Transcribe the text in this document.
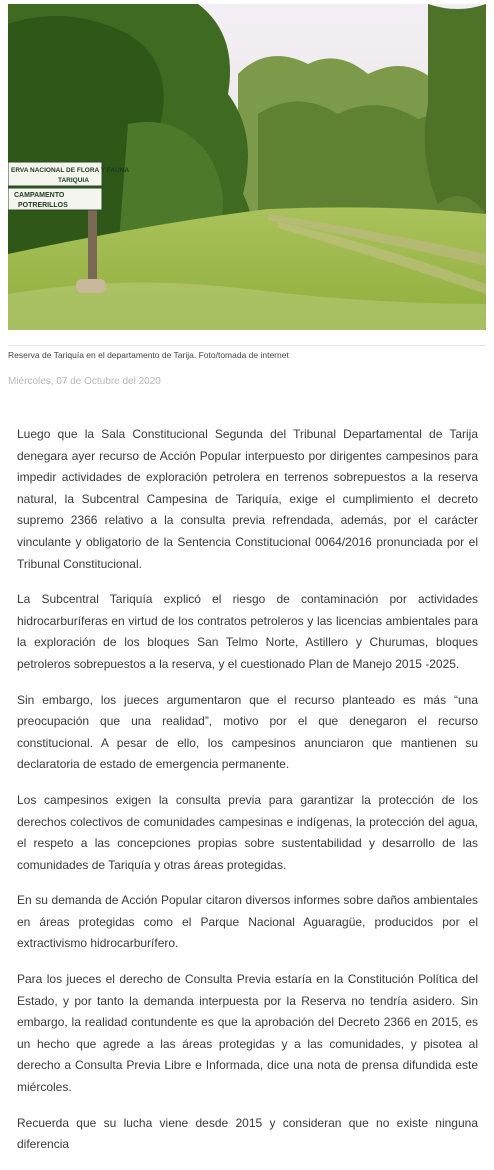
ERVA NACIONAL DE FLORA Y FAUNA
TARIQUIA
CAMPAMENTO
POTRERILLOS
Reserva de Tariquía en el departamento de Tarija. Foto/tomada de internet
Miércoles, 07 de Octubre del 2020

Luego que la Sala Constitucional Segunda del Tribunal Departamental de Tarija denegara ayer recurso de Acción Popular interpuesto por dirigentes campesinos para impedir actividades de exploración petrolera en terrenos sobrepuestos a la reserva natural, la Subcentral Campesina de Tariquía, exige el cumplimiento el decreto supremo 2366 relativo a la consulta previa refrendada, además, por el carácter vinculante y obligatorio de la Sentencia Constitucional 0064/2016 pronunciada por el Tribunal Constitucional.

La Subcentral Tariquía explicó el riesgo de contaminación por actividades hidrocarburíferas en virtud de los contratos petroleros y las licencias ambientales para la exploración de los bloques San Telmo Norte, Astillero y Churumas, bloques petroleros sobrepuestos a la reserva, y el cuestionado Plan de Manejo 2015 -2025.

Sin embargo, los jueces argumentaron que el recurso planteado es más “una preocupación que una realidad”, motivo por el que denegaron el recurso constitucional. A pesar de ello, los campesinos anunciaron que mantienen su declaratoria de estado de emergencia permanente.

Los campesinos exigen la consulta previa para garantizar la protección de los derechos colectivos de comunidades campesinas e indígenas, la protección del agua, el respeto a las concepciones propias sobre sustentabilidad y desarrollo de las comunidades de Tariquía y otras áreas protegidas.

En su demanda de Acción Popular citaron diversos informes sobre daños ambientales en áreas protegidas como el Parque Nacional Aguaragüe, producidos por el extractivismo hidrocarburífero.

Para los jueces el derecho de Consulta Previa estaría en la Constitución Política del Estado, y por tanto la demanda interpuesta por la Reserva no tendría asidero. Sin embargo, la realidad contundente es que la aprobación del Decreto 2366 en 2015, es un hecho que agrede a las áreas protegidas y a las comunidades, y pisotea al derecho a Consulta Previa Libre e Informada, dice una nota de prensa difundida este miércoles.

Recuerda que su lucha viene desde 2015 y consideran que no existe ninguna diferencia
